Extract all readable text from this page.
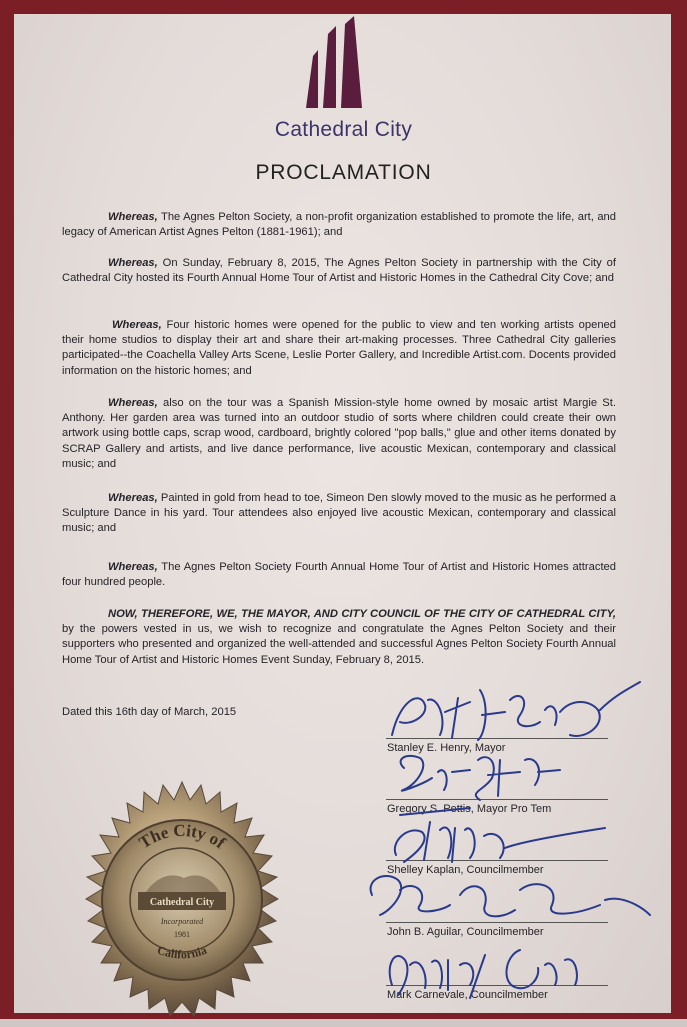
Cathedral City
PROCLAMATION
Whereas, The Agnes Pelton Society, a non-profit organization established to promote the life, art, and legacy of American Artist Agnes Pelton (1881-1961); and
Whereas, On Sunday, February 8, 2015, The Agnes Pelton Society in partnership with the City of Cathedral City hosted its Fourth Annual Home Tour of Artist and Historic Homes in the Cathedral City Cove; and
Whereas, Four historic homes were opened for the public to view and ten working artists opened their home studios to display their art and share their art-making processes. Three Cathedral City galleries participated--the Coachella Valley Arts Scene, Leslie Porter Gallery, and Incredible Artist.com. Docents provided information on the historic homes; and
Whereas, also on the tour was a Spanish Mission-style home owned by mosaic artist Margie St. Anthony. Her garden area was turned into an outdoor studio of sorts where children could create their own artwork using bottle caps, scrap wood, cardboard, brightly colored "pop balls," glue and other items donated by SCRAP Gallery and artists, and live dance performance, live acoustic Mexican, contemporary and classical music; and
Whereas, Painted in gold from head to toe, Simeon Den slowly moved to the music as he performed a Sculpture Dance in his yard. Tour attendees also enjoyed live acoustic Mexican, contemporary and classical music; and
Whereas, The Agnes Pelton Society Fourth Annual Home Tour of Artist and Historic Homes attracted four hundred people.
NOW, THEREFORE, WE, THE MAYOR, AND CITY COUNCIL OF THE CITY OF CATHEDRAL CITY, by the powers vested in us, we wish to recognize and congratulate the Agnes Pelton Society and their supporters who presented and organized the well-attended and successful Agnes Pelton Society Fourth Annual Home Tour of Artist and Historic Homes Event Sunday, February 8, 2015.
Dated this 16th day of March, 2015
Stanley E. Henry, Mayor
Gregory S. Pettis, Mayor Pro Tem
Shelley Kaplan, Councilmember
John B. Aguilar, Councilmember
Mark Carnevale, Councilmember
The City of
California
Cathedral City
Incorporated
1981
